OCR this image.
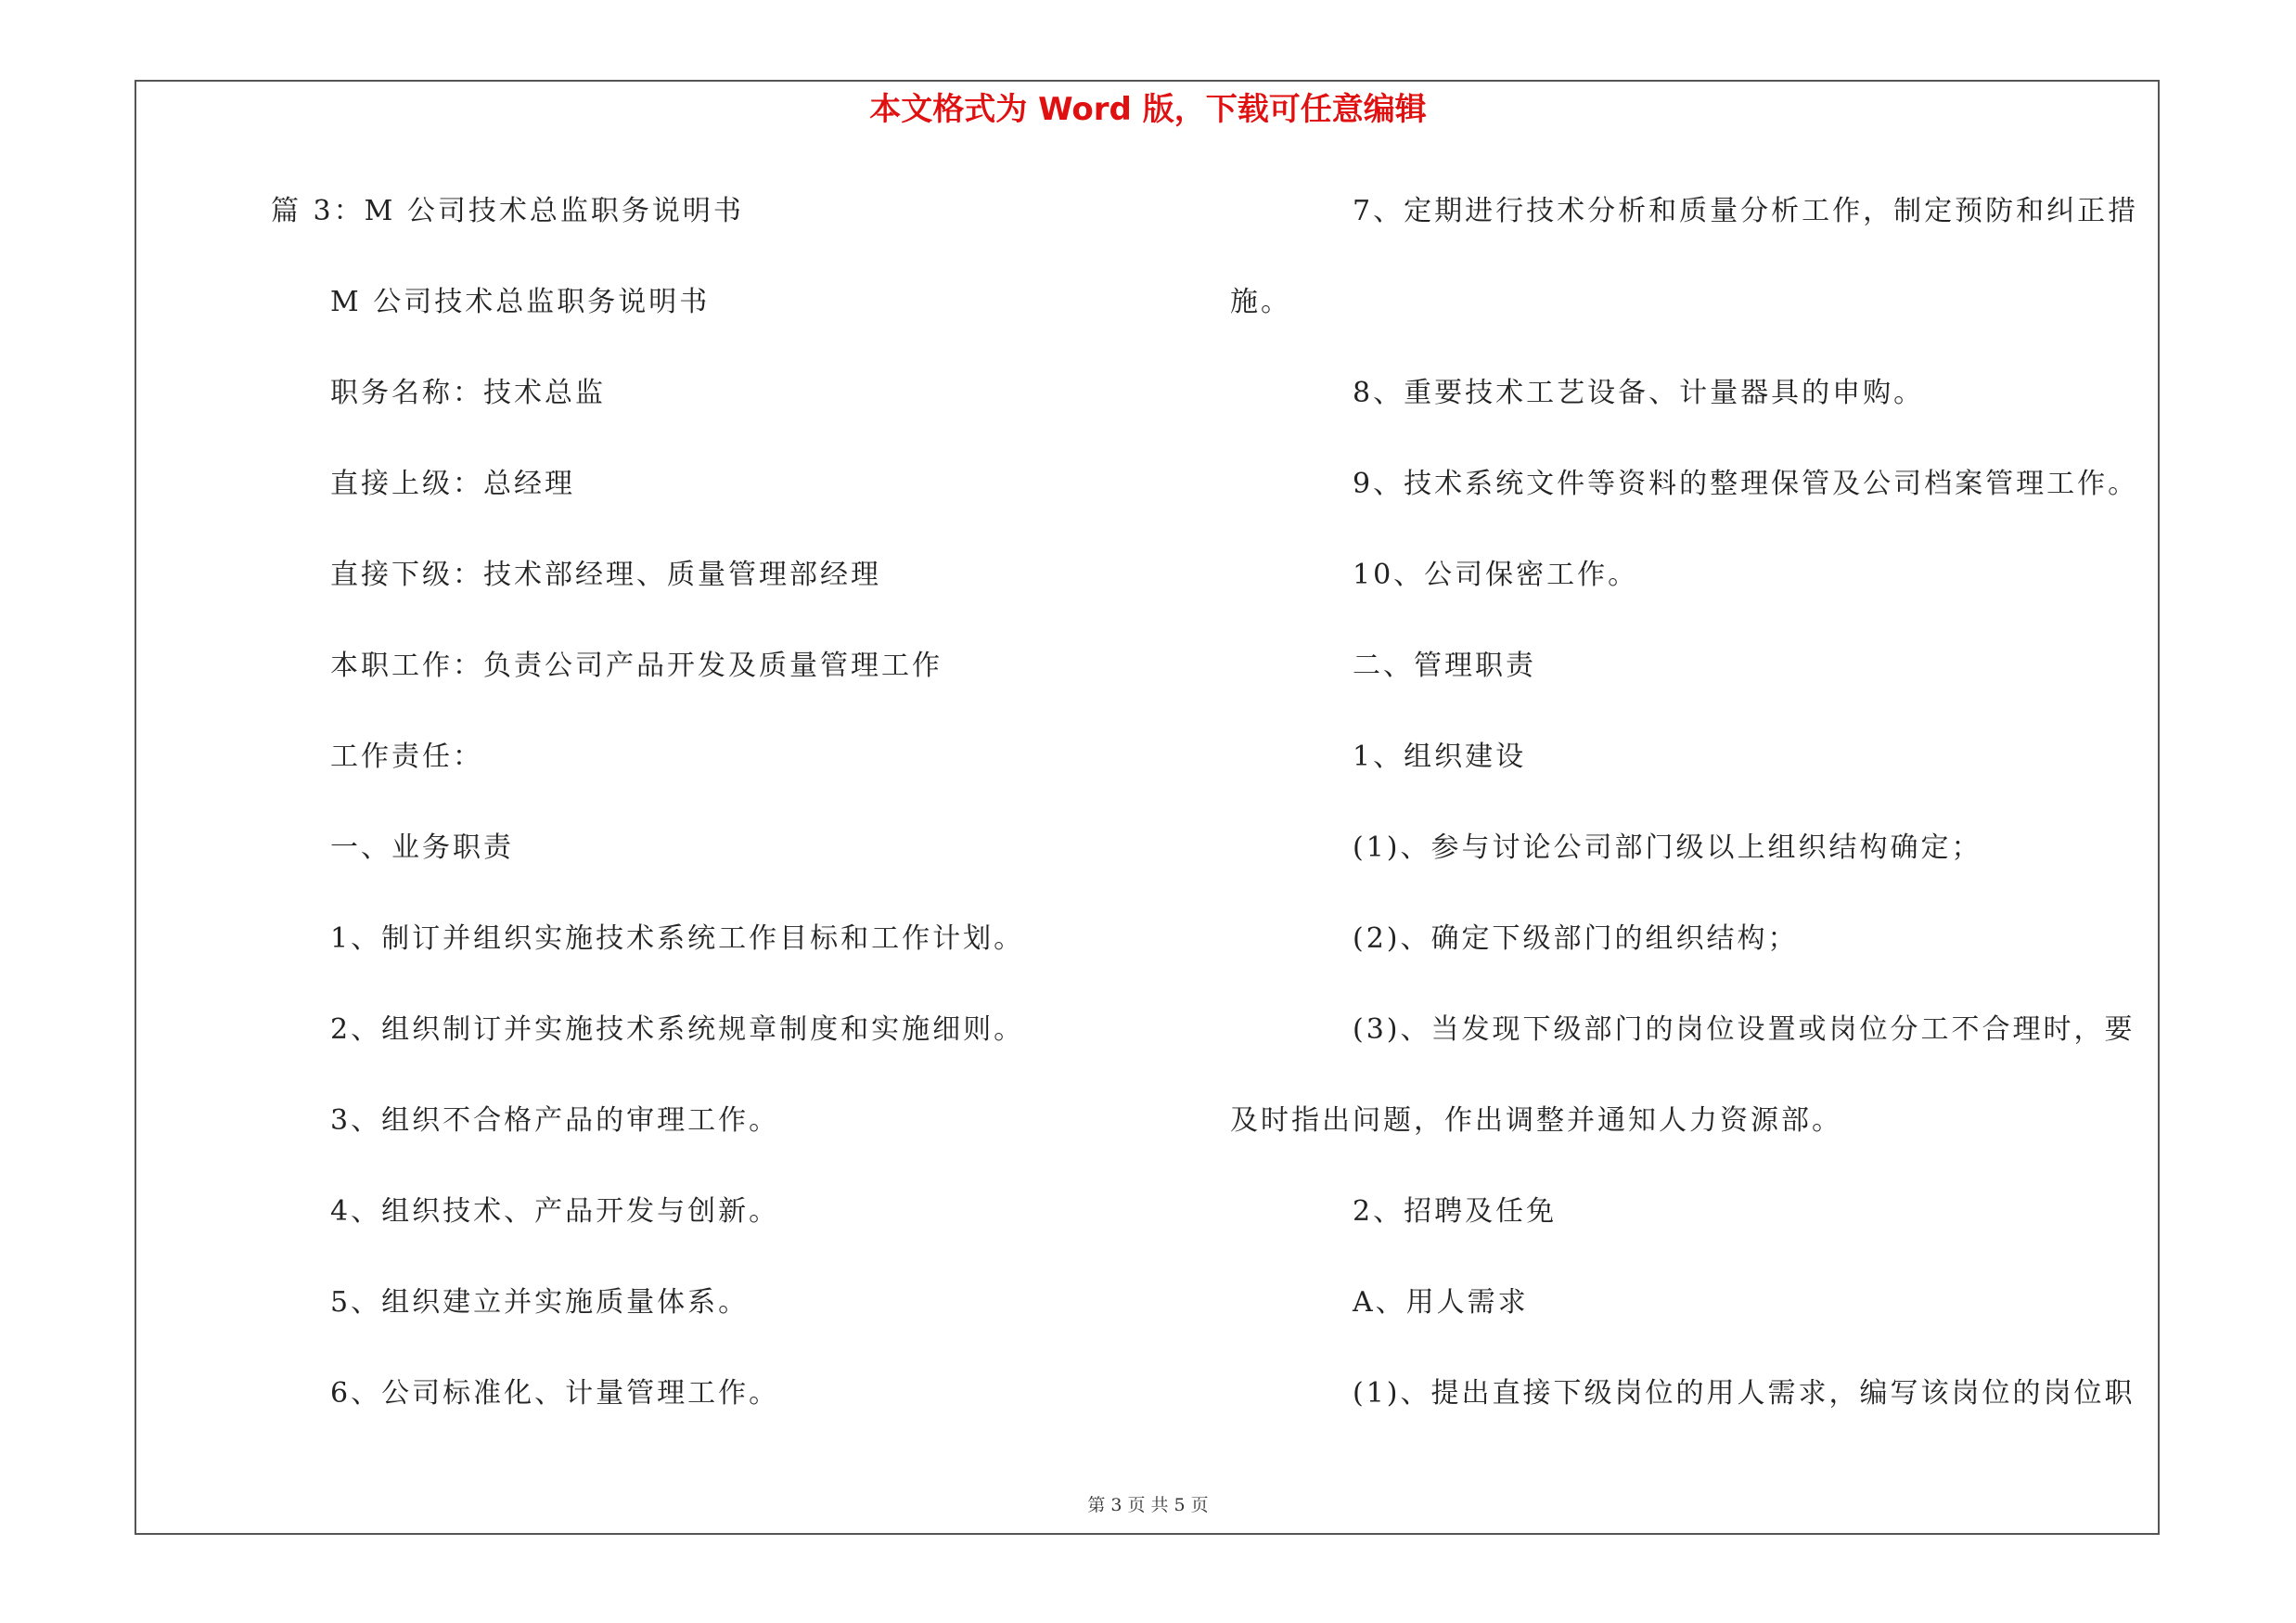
本文格式为 Word 版，下载可任意编辑
篇 3：M 公司技术总监职务说明书
M 公司技术总监职务说明书
职务名称：技术总监
直接上级：总经理
直接下级：技术部经理、质量管理部经理
本职工作：负责公司产品开发及质量管理工作
工作责任：
一、业务职责
1、制订并组织实施技术系统工作目标和工作计划。
2、组织制订并实施技术系统规章制度和实施细则。
3、组织不合格产品的审理工作。
4、组织技术、产品开发与创新。
5、组织建立并实施质量体系。
6、公司标准化、计量管理工作。
7、定期进行技术分析和质量分析工作，制定预防和纠正措
施。
8、重要技术工艺设备、计量器具的申购。
9、技术系统文件等资料的整理保管及公司档案管理工作。
10、公司保密工作。
二、管理职责
1、组织建设
(1)、参与讨论公司部门级以上组织结构确定；
(2)、确定下级部门的组织结构；
(3)、当发现下级部门的岗位设置或岗位分工不合理时，要
及时指出问题，作出调整并通知人力资源部。
2、招聘及任免
A、用人需求
(1)、提出直接下级岗位的用人需求，编写该岗位的岗位职
第 3 页 共 5 页
